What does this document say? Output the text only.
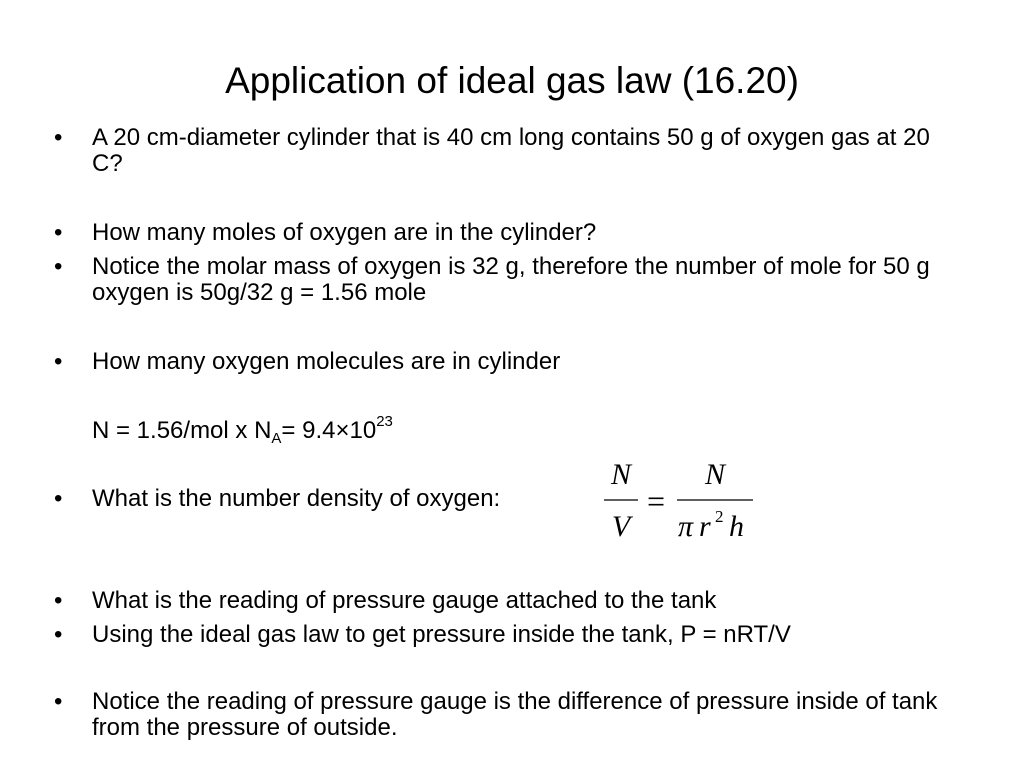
Application of ideal gas law (16.20)
• A 20 cm-diameter cylinder that is 40 cm long contains 50 g of oxygen gas at 20 C?
• How many moles of oxygen are in the cylinder?
• Notice the molar mass of oxygen is 32 g, therefore the number of mole for 50 g oxygen is 50g/32 g = 1.56 mole
• How many oxygen molecules are in cylinder
N = 1.56/mol x $N_A= 9.4\times 10^{23}$
• What is the number density of oxygen:
N
V
=
N
π r 2 h
• What is the reading of pressure gauge attached to the tank
• Using the ideal gas law to get pressure inside the tank, P = nRT/V
• Notice the reading of pressure gauge is the difference of pressure inside of tank from the pressure of outside.
